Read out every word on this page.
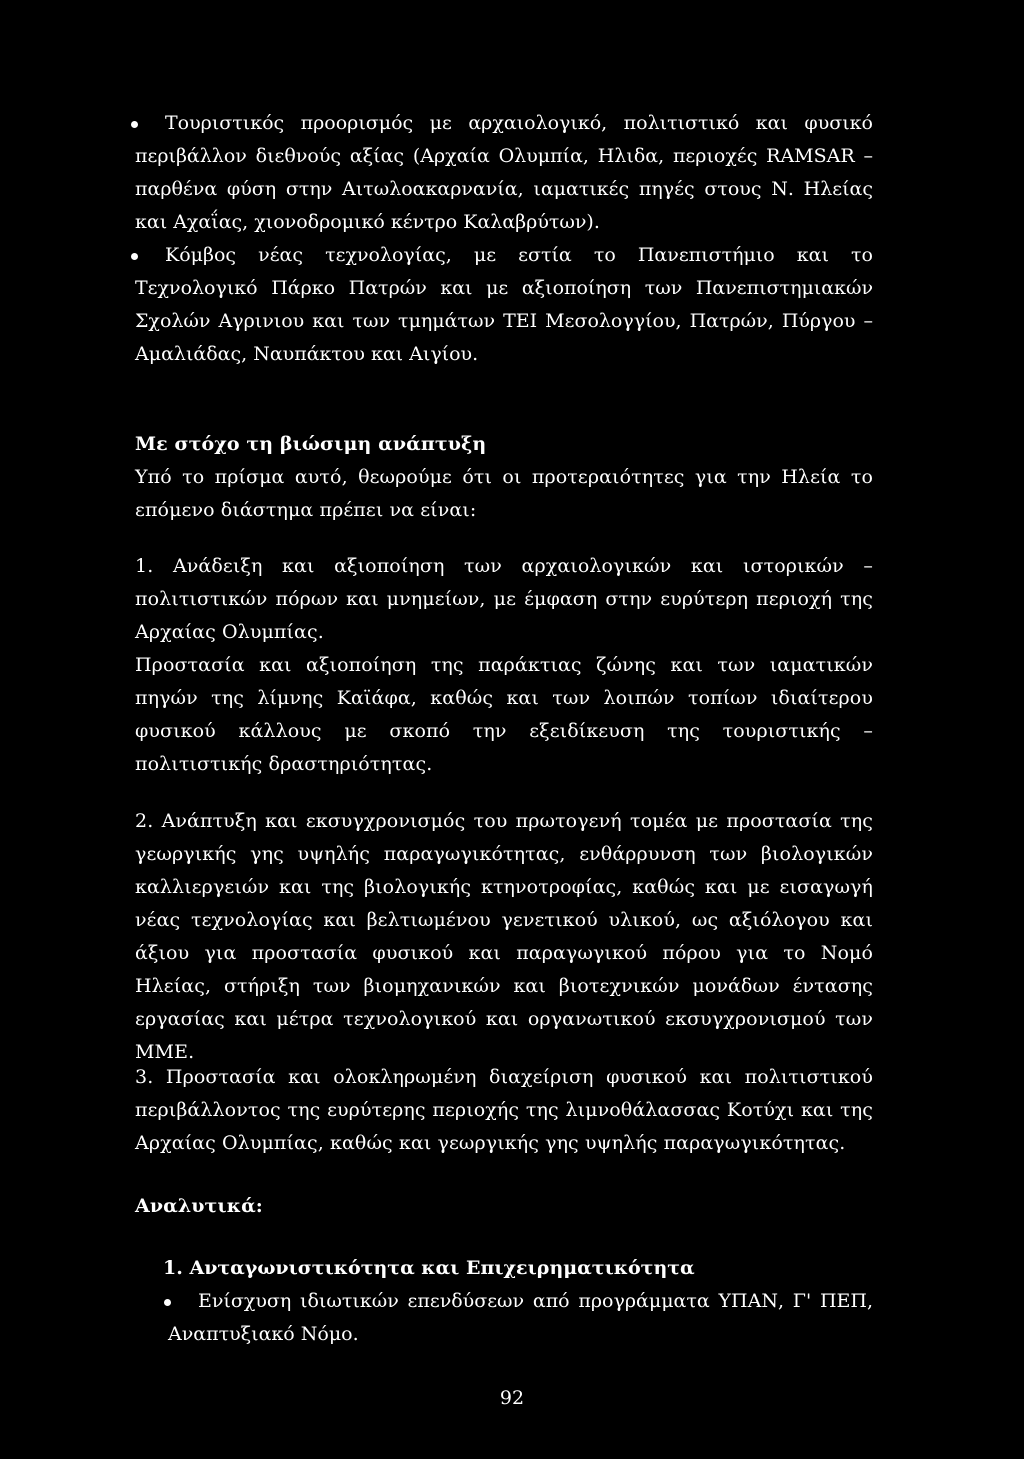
Τουριστικός προορισμός με αρχαιολογικό, πολιτιστικό και φυσικό περιβάλλον διεθνούς αξίας (Αρχαία Ολυμπία, Ηλιδα, περιοχές RAMSAR – παρθένα φύση στην Αιτωλοακαρνανία, ιαματικές πηγές στους Ν. Ηλείας και Αχαΐας, χιονοδρομικό κέντρο Καλαβρύτων).
Κόμβος νέας τεχνολογίας, με εστία το Πανεπιστήμιο και το Τεχνολογικό Πάρκο Πατρών και με αξιοποίηση των Πανεπιστημιακών Σχολών Αγρινιου και των τμημάτων ΤΕΙ Μεσολογγίου, Πατρών, Πύργου – Αμαλιάδας, Ναυπάκτου και Αιγίου.
Με στόχο τη βιώσιμη ανάπτυξη
Υπό το πρίσμα αυτό, θεωρούμε ότι οι προτεραιότητες για την Ηλεία το επόμενο διάστημα πρέπει να είναι:
1. Ανάδειξη και αξιοποίηση των αρχαιολογικών και ιστορικών – πολιτιστικών πόρων και μνημείων, με έμφαση στην ευρύτερη περιοχή της Αρχαίας Ολυμπίας.
Προστασία και αξιοποίηση της παράκτιας ζώνης και των ιαματικών πηγών της λίμνης Καϊάφα, καθώς και των λοιπών τοπίων ιδιαίτερου φυσικού κάλλους με σκοπό την εξειδίκευση της τουριστικής – πολιτιστικής δραστηριότητας.
2. Ανάπτυξη και εκσυγχρονισμός του πρωτογενή τομέα με προστασία της γεωργικής γης υψηλής παραγωγικότητας, ενθάρρυνση των βιολογικών καλλιεργειών και της βιολογικής κτηνοτροφίας, καθώς και με εισαγωγή νέας τεχνολογίας και βελτιωμένου γενετικού υλικού, ως αξιόλογου και άξιου για προστασία φυσικού και παραγωγικού πόρου για το Νομό Ηλείας, στήριξη των βιομηχανικών και βιοτεχνικών μονάδων έντασης εργασίας και μέτρα τεχνολογικού και οργανωτικού εκσυγχρονισμού των ΜΜΕ.
3. Προστασία και ολοκληρωμένη διαχείριση φυσικού και πολιτιστικού περιβάλλοντος της ευρύτερης περιοχής της λιμνοθάλασσας Κοτύχι και της Αρχαίας Ολυμπίας, καθώς και γεωργικής γης υψηλής παραγωγικότητας.
Αναλυτικά:
1. Ανταγωνιστικότητα και Επιχειρηματικότητα
Ενίσχυση ιδιωτικών επενδύσεων από προγράμματα ΥΠΑΝ, Γ' ΠΕΠ, Αναπτυξιακό Νόμο.
92
